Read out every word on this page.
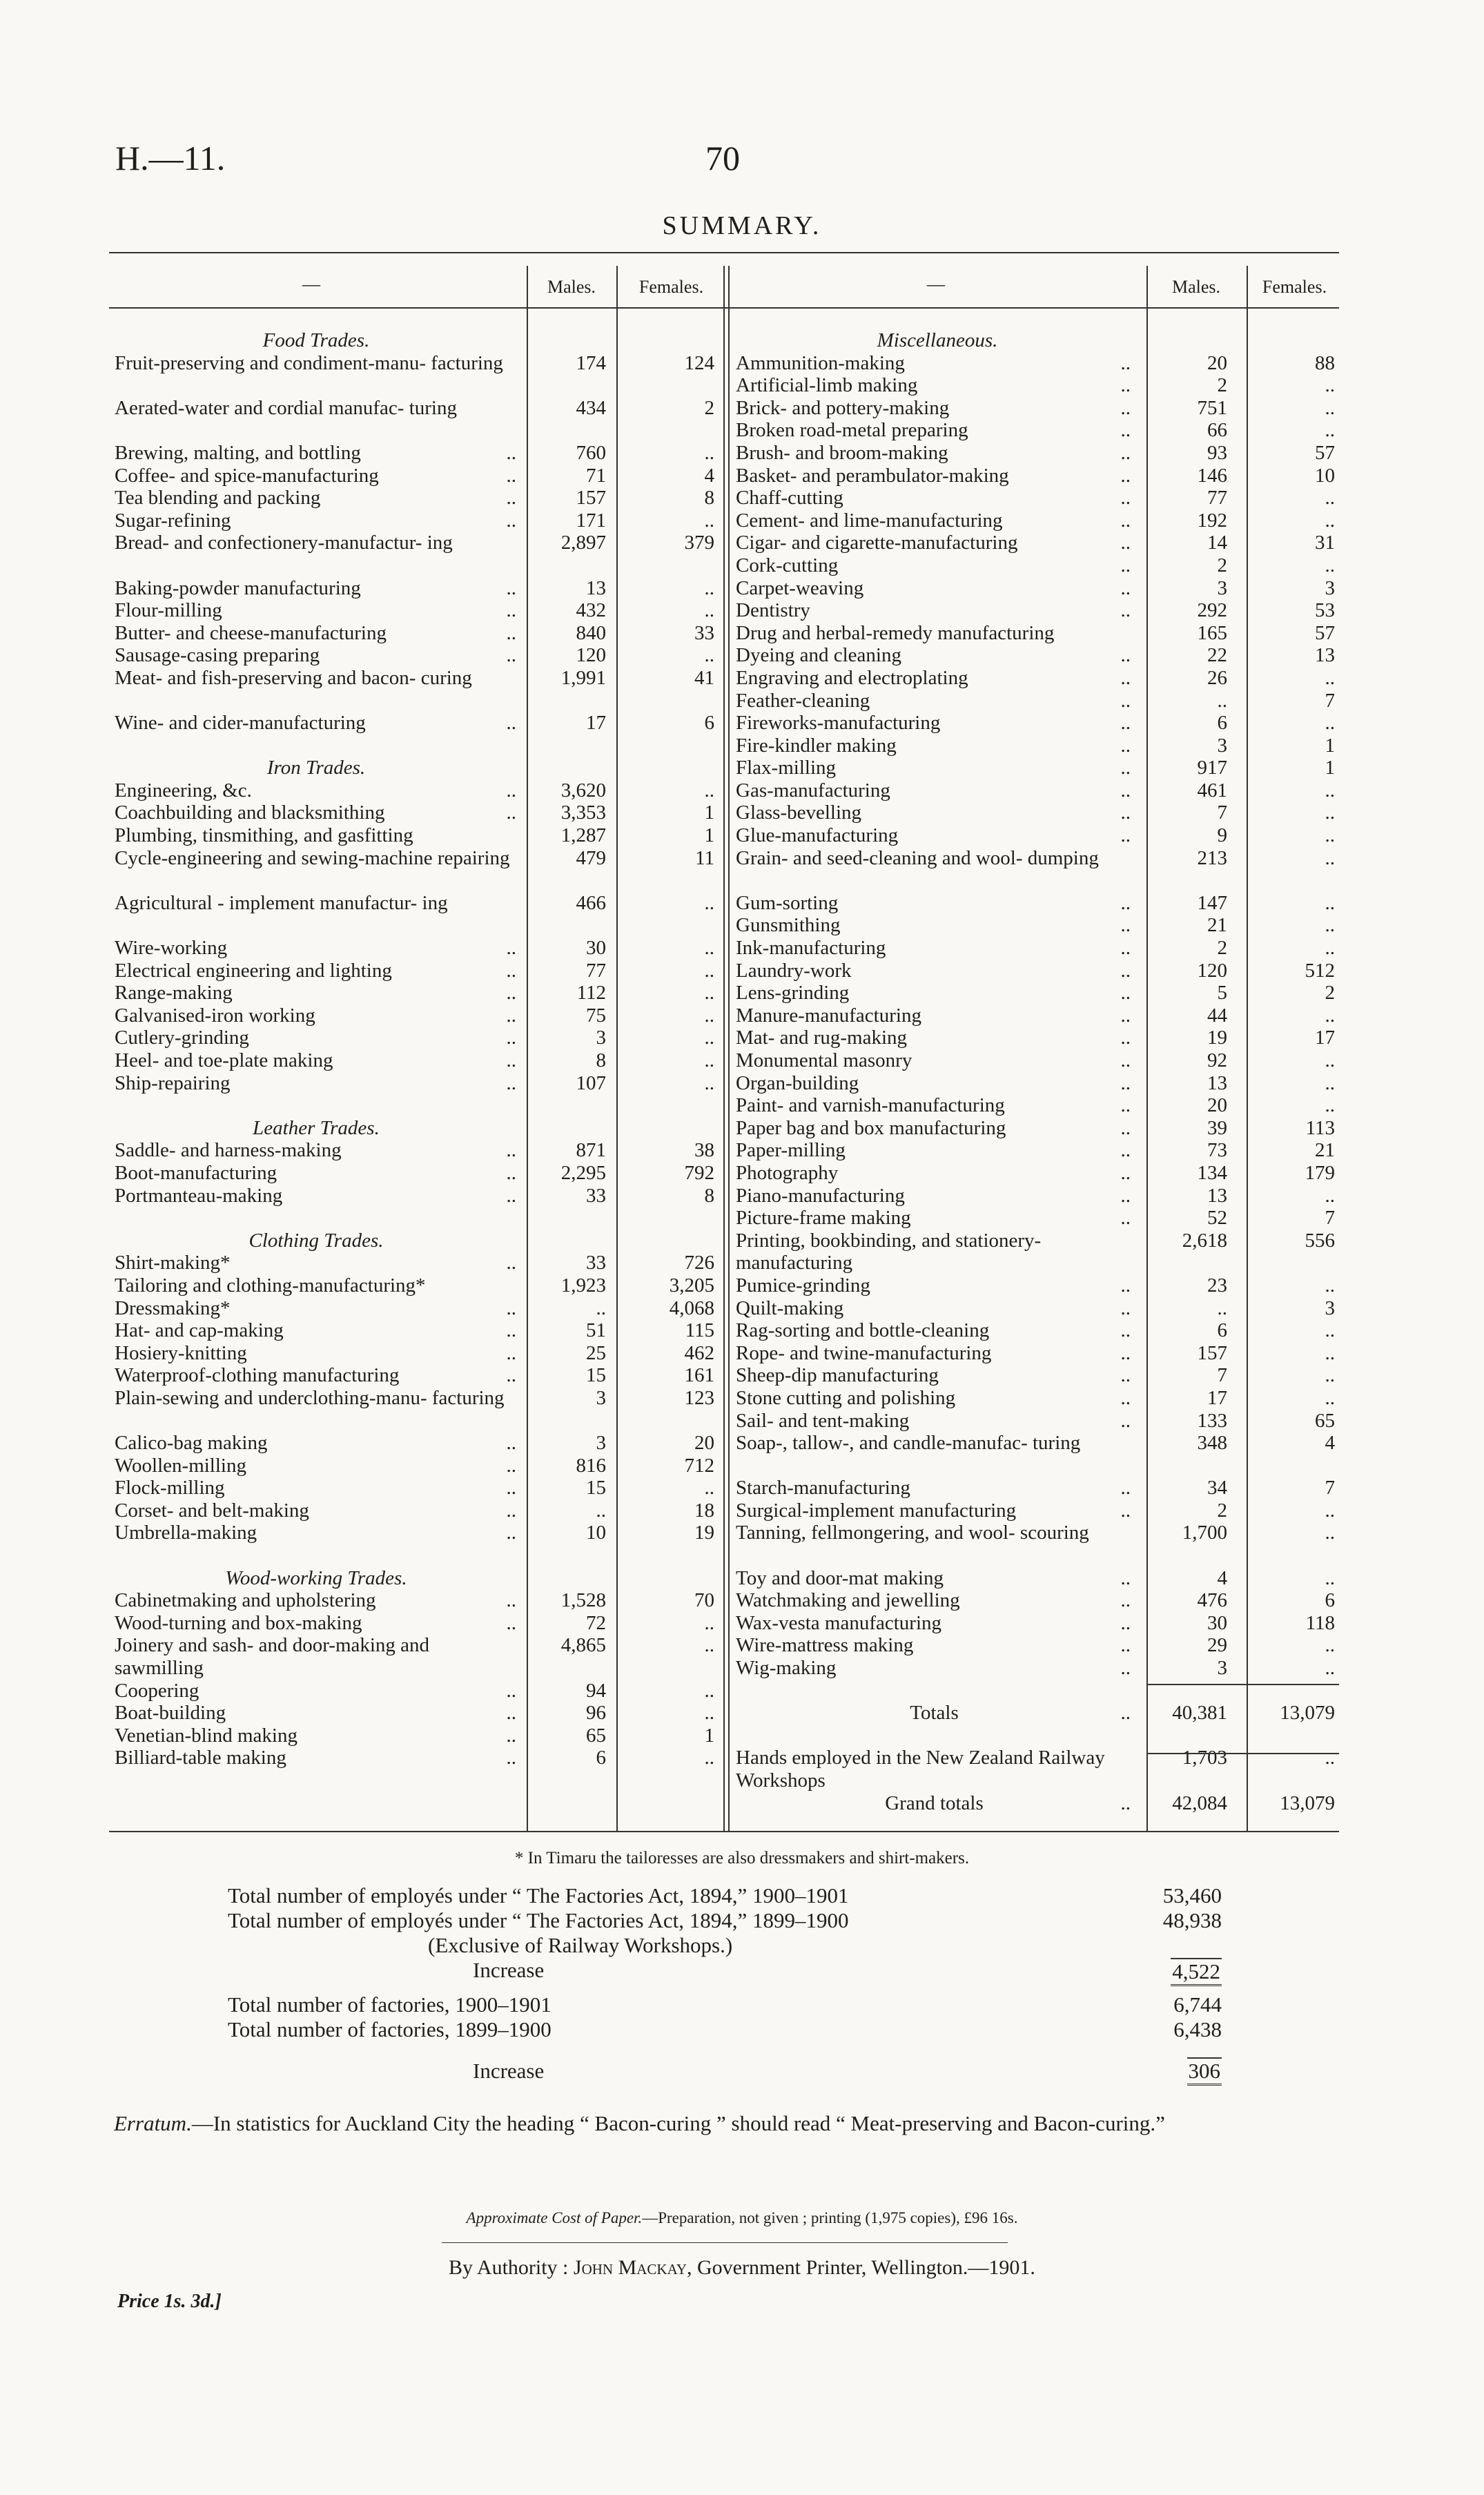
H.—11.	70
SUMMARY.
—	Males.	Females.	—	Males.	Females.
Food Trades.
Fruit-preserving and condiment-manu- facturing	174	124
Aerated-water and cordial manufac- turing	434	2
Brewing, malting, and bottling	..	760	..
Coffee- and spice-manufacturing	..	71	4
Tea blending and packing	..	157	8
Sugar-refining	..	171	..
Bread- and confectionery-manufactur- ing	2,897	379
Baking-powder manufacturing	..	13	..
Flour-milling	..	432	..
Butter- and cheese-manufacturing	..	840	33
Sausage-casing preparing	..	120	..
Meat- and fish-preserving and bacon- curing	1,991	41
Wine- and cider-manufacturing	..	17	6
Iron Trades.
Engineering, &c.	..	3,620	..
Coachbuilding and blacksmithing	..	3,353	1
Plumbing, tinsmithing, and gasfitting	1,287	1
Cycle-engineering and sewing-machine repairing	479	11
Agricultural - implement manufactur- ing	466	..
Wire-working	..	30	..
Electrical engineering and lighting	..	77	..
Range-making	..	112	..
Galvanised-iron working	..	75	..
Cutlery-grinding	..	3	..
Heel- and toe-plate making	..	8	..
Ship-repairing	..	107	..
Leather Trades.
Saddle- and harness-making	..	871	38
Boot-manufacturing	..	2,295	792
Portmanteau-making	..	33	8
Clothing Trades.
Shirt-making*	..	33	726
Tailoring and clothing-manufacturing*	1,923	3,205
Dressmaking*	..	..	4,068
Hat- and cap-making	..	51	115
Hosiery-knitting	..	25	462
Waterproof-clothing manufacturing	..	15	161
Plain-sewing and underclothing-manu- facturing	3	123
Calico-bag making	..	3	20
Woollen-milling	..	816	712
Flock-milling	..	15	..
Corset- and belt-making	..	..	18
Umbrella-making	..	10	19
Wood-working Trades.
Cabinetmaking and upholstering	..	1,528	70
Wood-turning and box-making	..	72	..
Joinery and sash- and door-making and sawmilling
4,865	..
Coopering	..	94	..
Boat-building	..	96	..
Venetian-blind making	..	65	1
Billiard-table making	..	6	..
Miscellaneous.
Ammunition-making	..	20	88
Artificial-limb making	..	2	..
Brick- and pottery-making	..	751	..
Broken road-metal preparing	..	66	..
Brush- and broom-making	..	93	57
Basket- and perambulator-making	..	146	10
Chaff-cutting	..	77	..
Cement- and lime-manufacturing	..	192	..
Cigar- and cigarette-manufacturing	..	14	31
Cork-cutting	..	2	..
Carpet-weaving	..	3	3
Dentistry	..	292	53
Drug and herbal-remedy manufacturing	165	57
Dyeing and cleaning	..	22	13
Engraving and electroplating	..	26	..
Feather-cleaning	..	..	7
Fireworks-manufacturing	..	6	..
Fire-kindler making	..	3	1
Flax-milling	..	917	1
Gas-manufacturing	..	461	..
Glass-bevelling	..	7	..
Glue-manufacturing	..	9	..
Grain- and seed-cleaning and wool- dumping	213	..
Gum-sorting	..	147	..
Gunsmithing	..	21	..
Ink-manufacturing	..	2	..
Laundry-work	..	120	512
Lens-grinding	..	5	2
Manure-manufacturing	..	44	..
Mat- and rug-making	..	19	17
Monumental masonry	..	92	..
Organ-building	..	13	..
Paint- and varnish-manufacturing	..	20	..
Paper bag and box manufacturing	..	39	113
Paper-milling	..	73	21
Photography	..	134	179
Piano-manufacturing	..	13	..
Picture-frame making	..	52	7
Printing, bookbinding, and stationery- manufacturing
2,618	556
Pumice-grinding	..	23	..
Quilt-making	..	..	3
Rag-sorting and bottle-cleaning	..	6	..
Rope- and twine-manufacturing	..	157	..
Sheep-dip manufacturing	..	7	..
Stone cutting and polishing	..	17	..
Sail- and tent-making	..	133	65
Soap-, tallow-, and candle-manufac- turing	348	4
Starch-manufacturing	..	34	7
Surgical-implement manufacturing	..	2	..
Tanning, fellmongering, and wool- scouring	1,700	..
Toy and door-mat making	..	4	..
Watchmaking and jewelling	..	476	6
Wax-vesta manufacturing	..	30	118
Wire-mattress making	..	29	..
Wig-making	..	3	..
Totals	..	40,381	13,079
Hands employed in the New Zealand Railway Workshops
1,703	..
Grand totals	..	42,084	13,079
* In Timaru the tailoresses are also dressmakers and shirt-makers.
Total number of employés under “ The Factories Act, 1894,” 1900–1901	53,460
Total number of employés under “ The Factories Act, 1894,” 1899–1900	48,938
(Exclusive of Railway Workshops.)
Increase	4,522
Total number of factories, 1900–1901	6,744
Total number of factories, 1899–1900	6,438
Increase	306
Erratum.—In statistics for Auckland City the heading “ Bacon-curing ” should read “ Meat-preserving and Bacon-curing.”
Approximate Cost of Paper.—Preparation, not given ; printing (1,975 copies), £96 16s.
By Authority : John Mackay, Government Printer, Wellington.—1901.
Price 1s. 3d.]
